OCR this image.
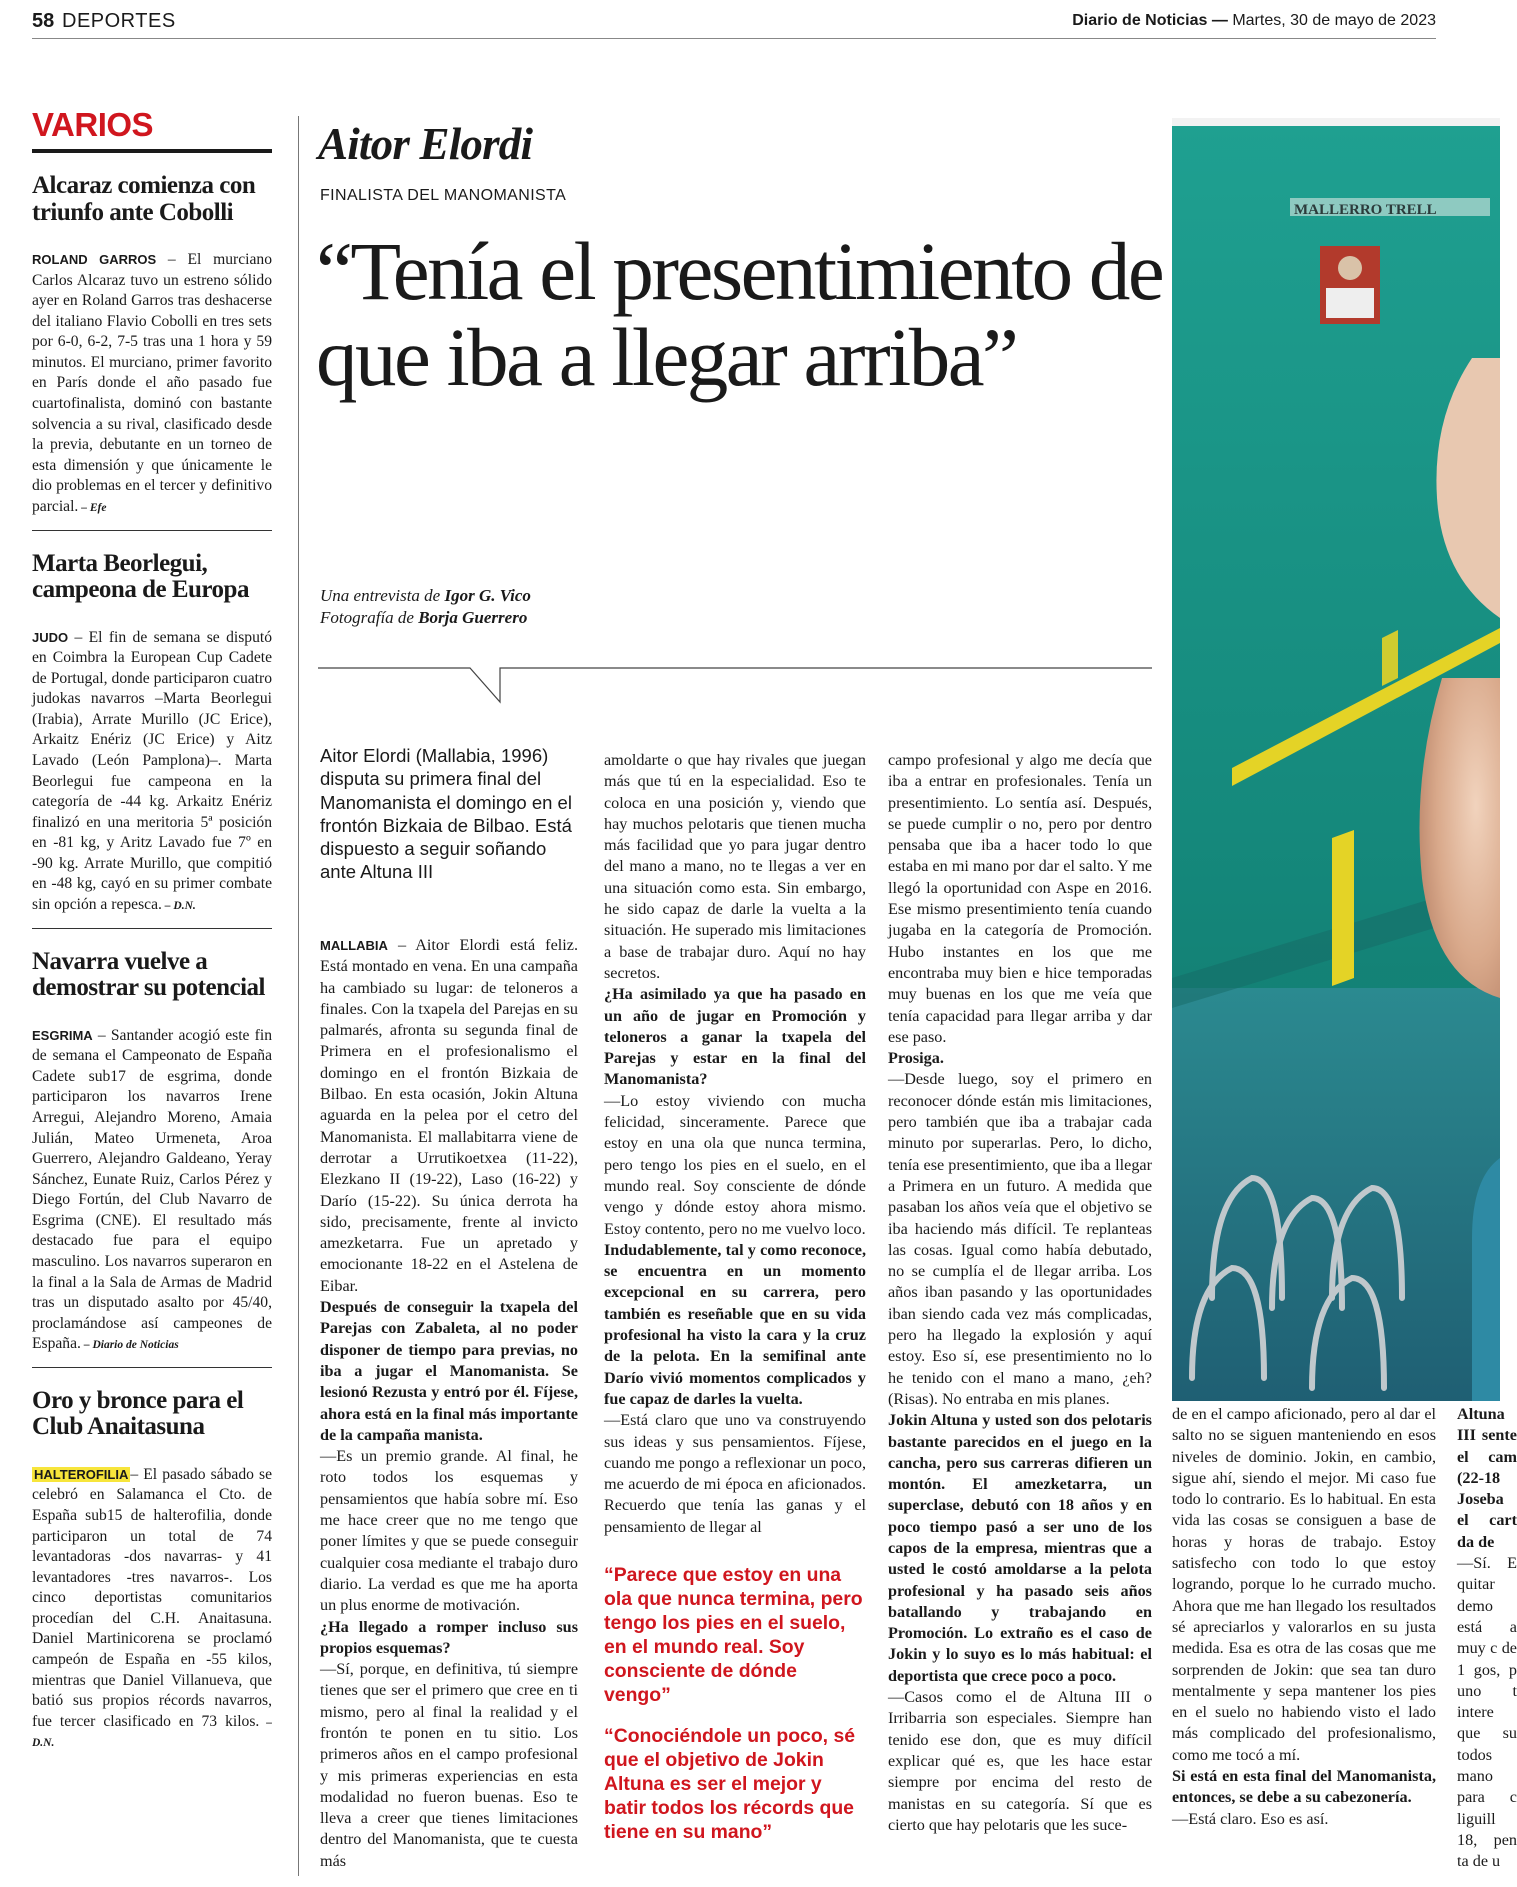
58 DEPORTES	Diario de Noticias — Martes, 30 de mayo de 2023
VARIOS
Alcaraz comienza con triunfo ante Cobolli

ROLAND GARROS – El murciano Carlos Alcaraz tuvo un estreno sólido ayer en Roland Garros tras deshacerse del italiano Flavio Cobolli en tres sets por 6-0, 6-2, 7-5 tras una 1 hora y 59 minutos. El murciano, primer favorito en París donde el año pasado fue cuartofinalista, dominó con bastante solvencia a su rival, clasificado desde la previa, debutante en un torneo de esta dimensión y que únicamente le dio problemas en el tercer y definitivo parcial. – Efe

Marta Beorlegui, campeona de Europa

JUDO – El fin de semana se disputó en Coimbra la European Cup Cadete de Portugal, donde participaron cuatro judokas navarros –Marta Beorlegui (Irabia), Arrate Murillo (JC Erice), Arkaitz Enériz (JC Erice) y Aitz Lavado (León Pamplona)–. Marta Beorlegui fue campeona en la categoría de -44 kg. Arkaitz Enériz finalizó en una meritoria 5ª posición en -81 kg, y Aritz Lavado fue 7º en -90 kg. Arrate Murillo, que compitió en -48 kg, cayó en su primer combate sin opción a repesca. – D.N.

Navarra vuelve a demostrar su potencial

ESGRIMA – Santander acogió este fin de semana el Campeonato de España Cadete sub17 de esgrima, donde participaron los navarros Irene Arregui, Alejandro Moreno, Amaia Julián, Mateo Urmeneta, Aroa Guerrero, Alejandro Galdeano, Yeray Sánchez, Eunate Ruiz, Carlos Pérez y Diego Fortún, del Club Navarro de Esgrima (CNE). El resultado más destacado fue para el equipo masculino. Los navarros superaron en la final a la Sala de Armas de Madrid tras un disputado asalto por 45/40, proclamándose así campeones de España. – Diario de Noticias

Oro y bronce para el Club Anaitasuna

HALTEROFILIA – El pasado sábado se celebró en Salamanca el Cto. de España sub15 de halterofilia, donde participaron un total de 74 levantadoras -dos navarras- y 41 levantadores -tres navarros-. Los cinco deportistas comunitarios procedían del C.H. Anaitasuna. Daniel Martinicorena se proclamó campeón de España en -55 kilos, mientras que Daniel Villanueva, que batió sus propios récords navarros, fue tercer clasificado en 73 kilos. – D.N.

Aitor Elordi
FINALISTA DEL MANOMANISTA
“Tenía el presentimiento de que iba a llegar arriba”
Una entrevista de Igor G. Vico
Fotografía de Borja Guerrero
MALLERRO TRELL
Aitor Elordi (Mallabia, 1996) disputa su primera final del Manomanista el domingo en el frontón Bizkaia de Bilbao. Está dispuesto a seguir soñando ante Altuna III

MALLABIA – Aitor Elordi está feliz. Está montado en vena. En una campaña ha cambiado su lugar: de teloneros a finales. Con la txapela del Parejas en su palmarés, afronta su segunda final de Primera en el profesionalismo el domingo en el frontón Bizkaia de Bilbao. En esta ocasión, Jokin Altuna aguarda en la pelea por el cetro del Manomanista. El mallabitarra viene de derrotar a Urrutikoetxea (11-22), Elezkano II (19-22), Laso (16-22) y Darío (15-22). Su única derrota ha sido, precisamente, frente al invicto amezketarra. Fue un apretado y emocionante 18-22 en el Astelena de Eibar.

Después de conseguir la txapela del Parejas con Zabaleta, al no poder disponer de tiempo para previas, no iba a jugar el Manomanista. Se lesionó Rezusta y entró por él. Fíjese, ahora está en la final más importante de la campaña manista.

—Es un premio grande. Al final, he roto todos los esquemas y pensamientos que había sobre mí. Eso me hace creer que no me tengo que poner límites y que se puede conseguir cualquier cosa mediante el trabajo duro diario. La verdad es que me ha aporta un plus enorme de motivación.

¿Ha llegado a romper incluso sus propios esquemas?

—Sí, porque, en definitiva, tú siempre tienes que ser el primero que cree en ti mismo, pero al final la realidad y el frontón te ponen en tu sitio. Los primeros años en el campo profesional y mis primeras experiencias en esta modalidad no fueron buenas. Eso te lleva a creer que tienes limitaciones dentro del Manomanista, que te cuesta más

amoldarte o que hay rivales que juegan más que tú en la especialidad. Eso te coloca en una posición y, viendo que hay muchos pelotaris que tienen mucha más facilidad que yo para jugar dentro del mano a mano, no te llegas a ver en una situación como esta. Sin embargo, he sido capaz de darle la vuelta a la situación. He superado mis limitaciones a base de trabajar duro. Aquí no hay secretos.

¿Ha asimilado ya que ha pasado en un año de jugar en Promoción y teloneros a ganar la txapela del Parejas y estar en la final del Manomanista?

—Lo estoy viviendo con mucha felicidad, sinceramente. Parece que estoy en una ola que nunca termina, pero tengo los pies en el suelo, en el mundo real. Soy consciente de dónde vengo y dónde estoy ahora mismo. Estoy contento, pero no me vuelvo loco.

Indudablemente, tal y como reconoce, se encuentra en un momento excepcional en su carrera, pero también es reseñable que en su vida profesional ha visto la cara y la cruz de la pelota. En la semifinal ante Darío vivió momentos complicados y fue capaz de darles la vuelta.

—Está claro que uno va construyendo sus ideas y sus pensamientos. Fíjese, cuando me pongo a reflexionar un poco, me acuerdo de mi época en aficionados. Recuerdo que tenía las ganas y el pensamiento de llegar al

“Parece que estoy en una ola que nunca termina, pero tengo los pies en el suelo, en el mundo real. Soy consciente de dónde vengo”
“Conociéndole un poco, sé que el objetivo de Jokin Altuna es ser el mejor y batir todos los récords que tiene en su mano”

campo profesional y algo me decía que iba a entrar en profesionales. Tenía un presentimiento. Lo sentía así. Después, se puede cumplir o no, pero por dentro pensaba que iba a hacer todo lo que estaba en mi mano por dar el salto. Y me llegó la oportunidad con Aspe en 2016. Ese mismo presentimiento tenía cuando jugaba en la categoría de Promoción. Hubo instantes en los que me encontraba muy bien e hice temporadas muy buenas en los que me veía que tenía capacidad para llegar arriba y dar ese paso.

Prosiga.

—Desde luego, soy el primero en reconocer dónde están mis limitaciones, pero también que iba a trabajar cada minuto por superarlas. Pero, lo dicho, tenía ese presentimiento, que iba a llegar a Primera en un futuro. A medida que pasaban los años veía que el objetivo se iba haciendo más difícil. Te replanteas las cosas. Igual como había debutado, no se cumplía el de llegar arriba. Los años iban pasando y las oportunidades iban siendo cada vez más complicadas, pero ha llegado la explosión y aquí estoy. Eso sí, ese presentimiento no lo he tenido con el mano a mano, ¿eh? (Risas). No entraba en mis planes.

Jokin Altuna y usted son dos pelotaris bastante parecidos en el juego en la cancha, pero sus carreras difieren un montón. El amezketarra, un superclase, debutó con 18 años y en poco tiempo pasó a ser uno de los capos de la empresa, mientras que a usted le costó amoldarse a la pelota profesional y ha pasado seis años batallando y trabajando en Promoción. Lo extraño es el caso de Jokin y lo suyo es lo más habitual: el deportista que crece poco a poco.

—Casos como el de Altuna III o Irribarria son especiales. Siempre han tenido ese don, que es muy difícil explicar qué es, que les hace estar siempre por encima del resto de manistas en su categoría. Sí que es cierto que hay pelotaris que les suce-

de en el campo aficionado, pero al dar el salto no se siguen manteniendo en esos niveles de dominio. Jokin, en cambio, sigue ahí, siendo el mejor. Mi caso fue todo lo contrario. Es lo habitual. En esta vida las cosas se consiguen a base de horas y horas de trabajo. Estoy satisfecho con todo lo que estoy logrando, porque lo he currado mucho. Ahora que me han llegado los resultados sé apreciarlos y valorarlos en su justa medida. Esa es otra de las cosas que me sorprenden de Jokin: que sea tan duro mentalmente y sepa mantener los pies en el suelo no habiendo visto el lado más complicado del profesionalismo, como me tocó a mí.

Si está en esta final del Manomanista, entonces, se debe a su cabezonería.

—Está claro. Eso es así.

Altuna III sente el cam (22-18 Joseba el cart da de

—Sí. E quitar demo está a muy c de 1 gos, p uno t intere que su todos mano para c liguill 18, pen ta de u
